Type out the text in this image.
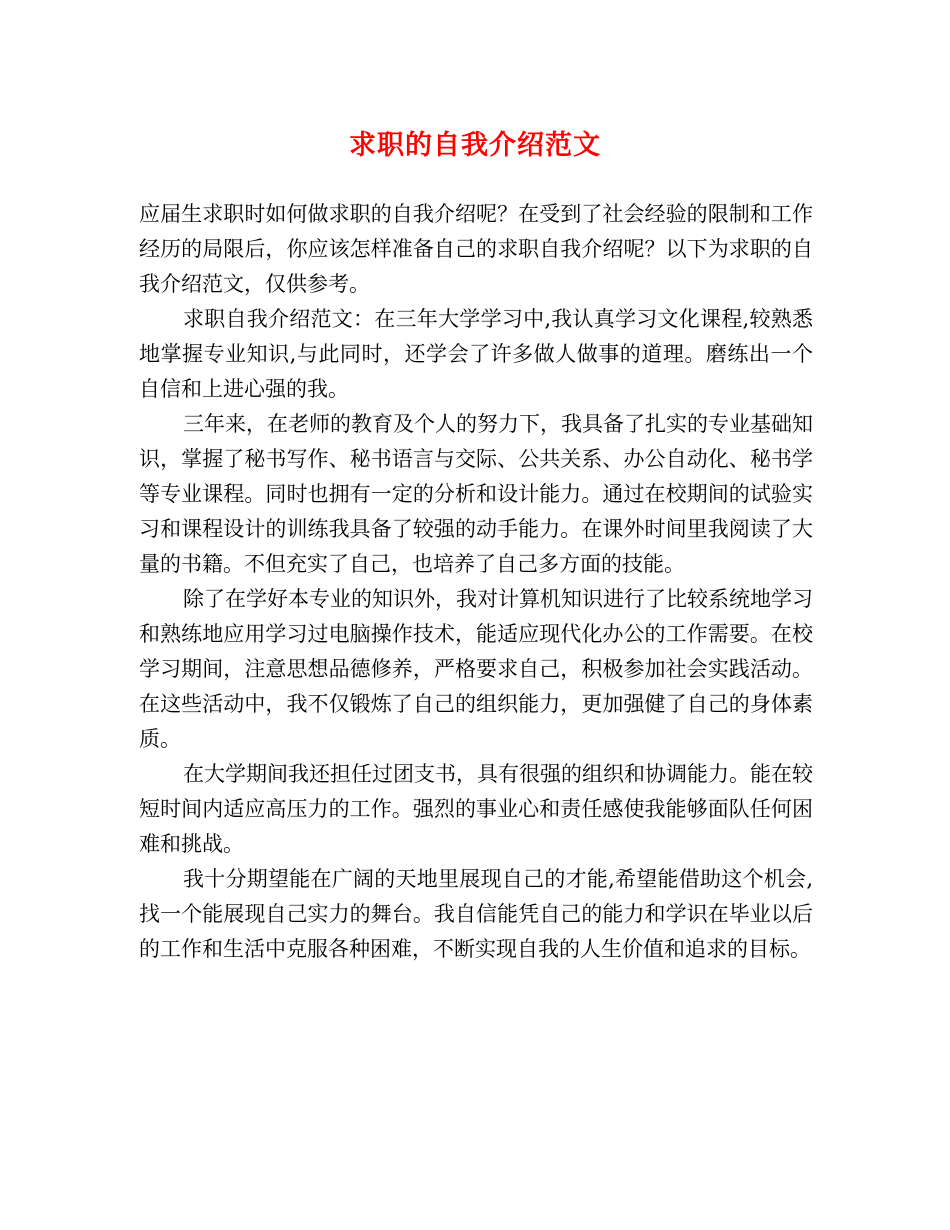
求职的自我介绍范文

应届生求职时如何做求职的自我介绍呢？在受到了社会经验的限制和工作经历的局限后，你应该怎样准备自己的求职自我介绍呢？以下为求职的自我介绍范文，仅供参考。

求职自我介绍范文：在三年大学学习中,我认真学习文化课程,较熟悉地掌握专业知识,与此同时，还学会了许多做人做事的道理。磨练出一个自信和上进心强的我。

三年来，在老师的教育及个人的努力下，我具备了扎实的专业基础知识，掌握了秘书写作、秘书语言与交际、公共关系、办公自动化、秘书学等专业课程。同时也拥有一定的分析和设计能力。通过在校期间的试验实习和课程设计的训练我具备了较强的动手能力。在课外时间里我阅读了大量的书籍。不但充实了自己，也培养了自己多方面的技能。

除了在学好本专业的知识外，我对计算机知识进行了比较系统地学习和熟练地应用学习过电脑操作技术，能适应现代化办公的工作需要。在校学习期间，注意思想品德修养，严格要求自己，积极参加社会实践活动。在这些活动中，我不仅锻炼了自己的组织能力，更加强健了自己的身体素质。

在大学期间我还担任过团支书，具有很强的组织和协调能力。能在较短时间内适应高压力的工作。强烈的事业心和责任感使我能够面队任何困难和挑战。

我十分期望能在广阔的天地里展现自己的才能,希望能借助这个机会,找一个能展现自己实力的舞台。我自信能凭自己的能力和学识在毕业以后的工作和生活中克服各种困难，不断实现自我的人生价值和追求的目标。
